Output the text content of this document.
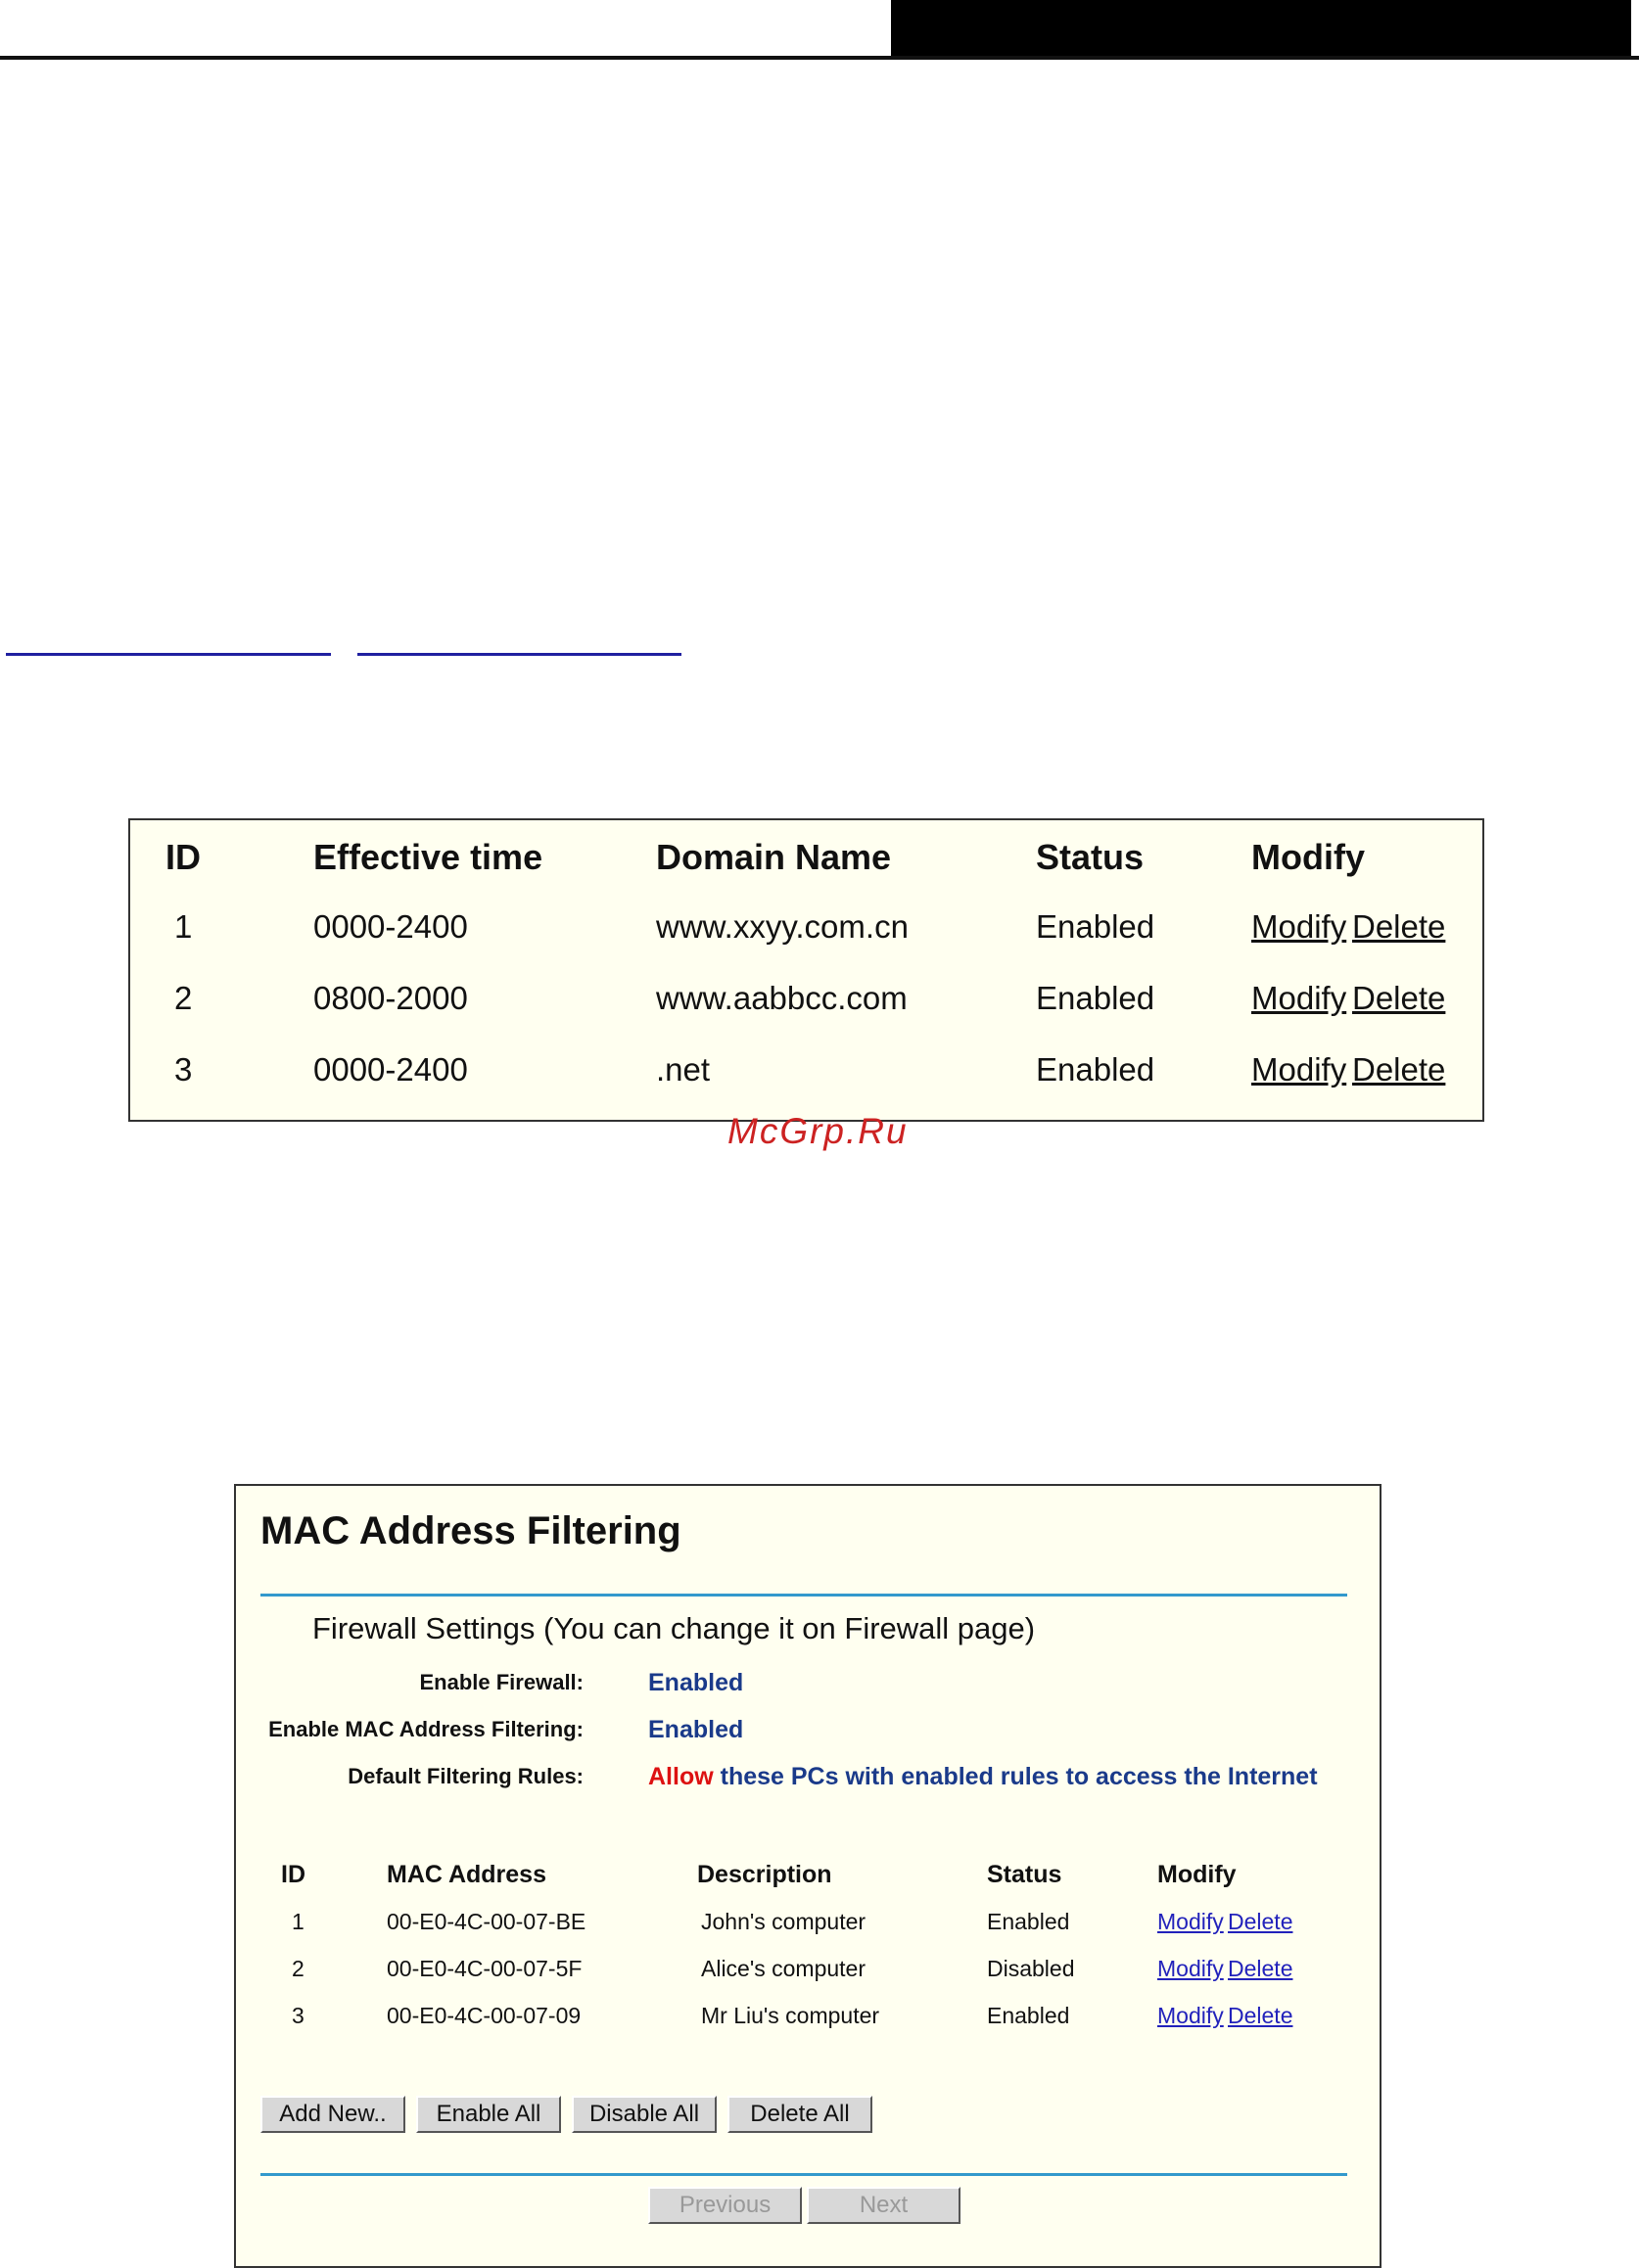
ID	Effective time	Domain Name	Status	Modify
1	0000-2400	www.xxyy.com.cn	Enabled	Modify Delete
2	0800-2000	www.aabbcc.com	Enabled	Modify Delete
3	0000-2400	.net	Enabled	Modify Delete
McGrp.Ru
MAC Address Filtering
Firewall Settings (You can change it on Firewall page)
Enable Firewall:	Enabled
Enable MAC Address Filtering:	Enabled
Default Filtering Rules:	Allow these PCs with enabled rules to access the Internet
ID	MAC Address	Description	Status	Modify
1	00-E0-4C-00-07-BE	John's computer	Enabled	Modify Delete
2	00-E0-4C-00-07-5F	Alice's computer	Disabled	Modify Delete
3	00-E0-4C-00-07-09	Mr Liu's computer	Enabled	Modify Delete
Add New..	Enable All	Disable All	Delete All
Previous	Next
